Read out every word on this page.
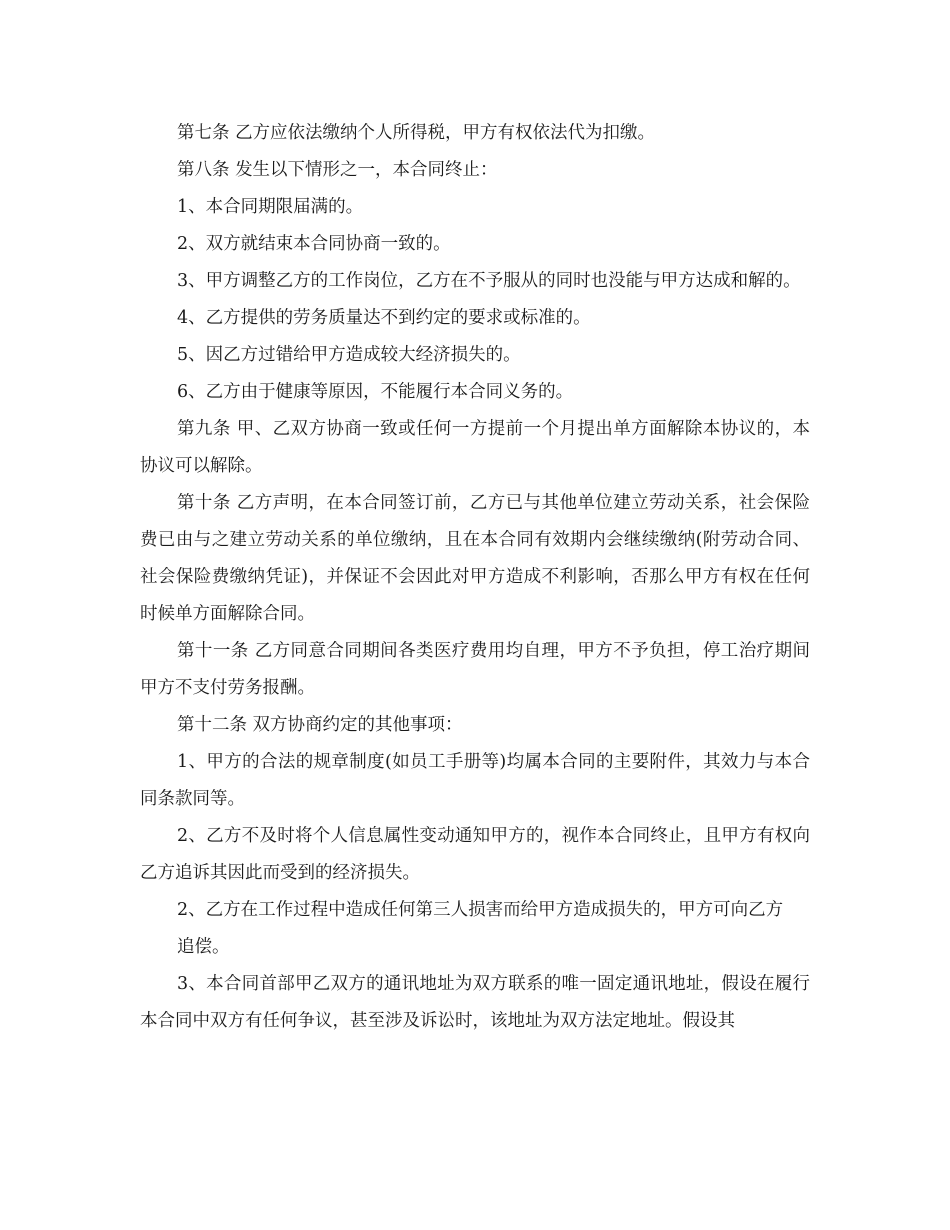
第七条 乙方应依法缴纳个人所得税，甲方有权依法代为扣缴。

第八条 发生以下情形之一，本合同终止：

1、本合同期限届满的。

2、双方就结束本合同协商一致的。

3、甲方调整乙方的工作岗位，乙方在不予服从的同时也没能与甲方达成和解的。

4、乙方提供的劳务质量达不到约定的要求或标准的。

5、因乙方过错给甲方造成较大经济损失的。

6、乙方由于健康等原因，不能履行本合同义务的。

第九条 甲、乙双方协商一致或任何一方提前一个月提出单方面解除本协议的，本协议可以解除。

第十条 乙方声明，在本合同签订前，乙方已与其他单位建立劳动关系，社会保险费已由与之建立劳动关系的单位缴纳，且在本合同有效期内会继续缴纳(附劳动合同、社会保险费缴纳凭证)，并保证不会因此对甲方造成不利影响，否那么甲方有权在任何时候单方面解除合同。

第十一条 乙方同意合同期间各类医疗费用均自理，甲方不予负担，停工治疗期间甲方不支付劳务报酬。

第十二条 双方协商约定的其他事项：

1、甲方的合法的规章制度(如员工手册等)均属本合同的主要附件，其效力与本合同条款同等。

2、乙方不及时将个人信息属性变动通知甲方的，视作本合同终止，且甲方有权向乙方追诉其因此而受到的经济损失。

2、乙方在工作过程中造成任何第三人损害而给甲方造成损失的，甲方可向乙方

追偿。

3、本合同首部甲乙双方的通讯地址为双方联系的唯一固定通讯地址，假设在履行本合同中双方有任何争议，甚至涉及诉讼时，该地址为双方法定地址。假设其
